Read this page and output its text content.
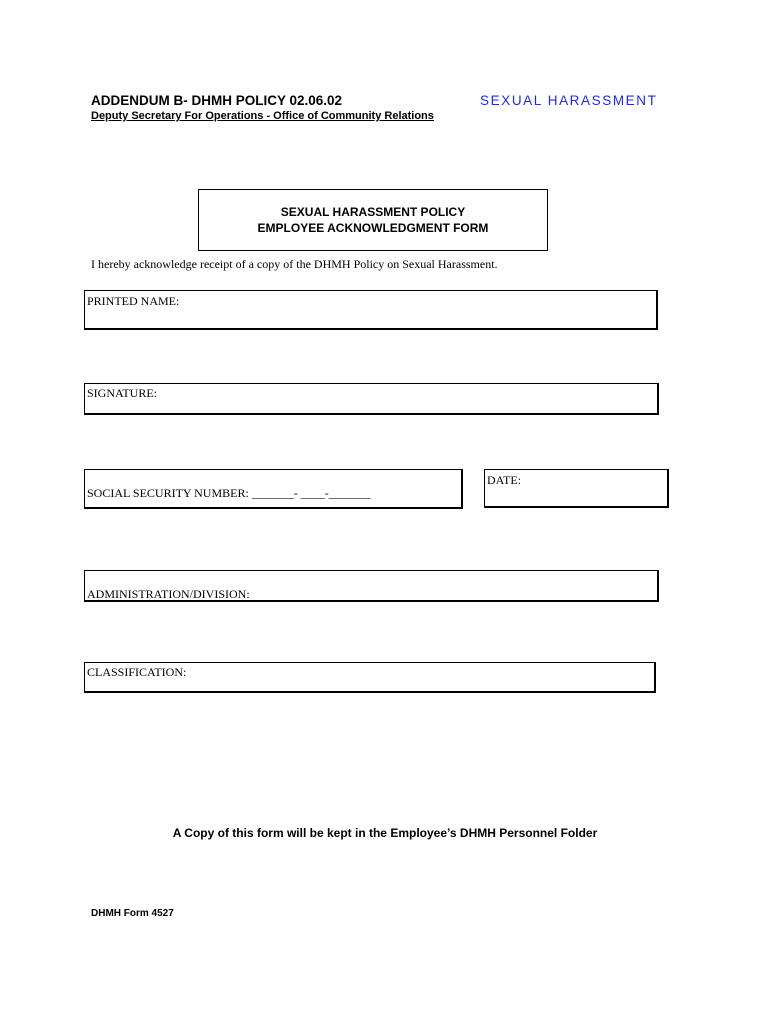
ADDENDUM B- DHMH POLICY 02.06.02
Deputy Secretary For Operations - Office of Community Relations
SEXUAL HARASSMENT
SEXUAL HARASSMENT POLICY
EMPLOYEE ACKNOWLEDGMENT FORM
I hereby acknowledge receipt of a copy of the DHMH Policy on Sexual Harassment.
PRINTED NAME:
SIGNATURE:
SOCIAL SECURITY NUMBER: _______- ____-_______
DATE:
ADMINISTRATION/DIVISION:
CLASSIFICATION:
A Copy of this form will be kept in the Employee’s DHMH Personnel Folder
DHMH Form 4527
